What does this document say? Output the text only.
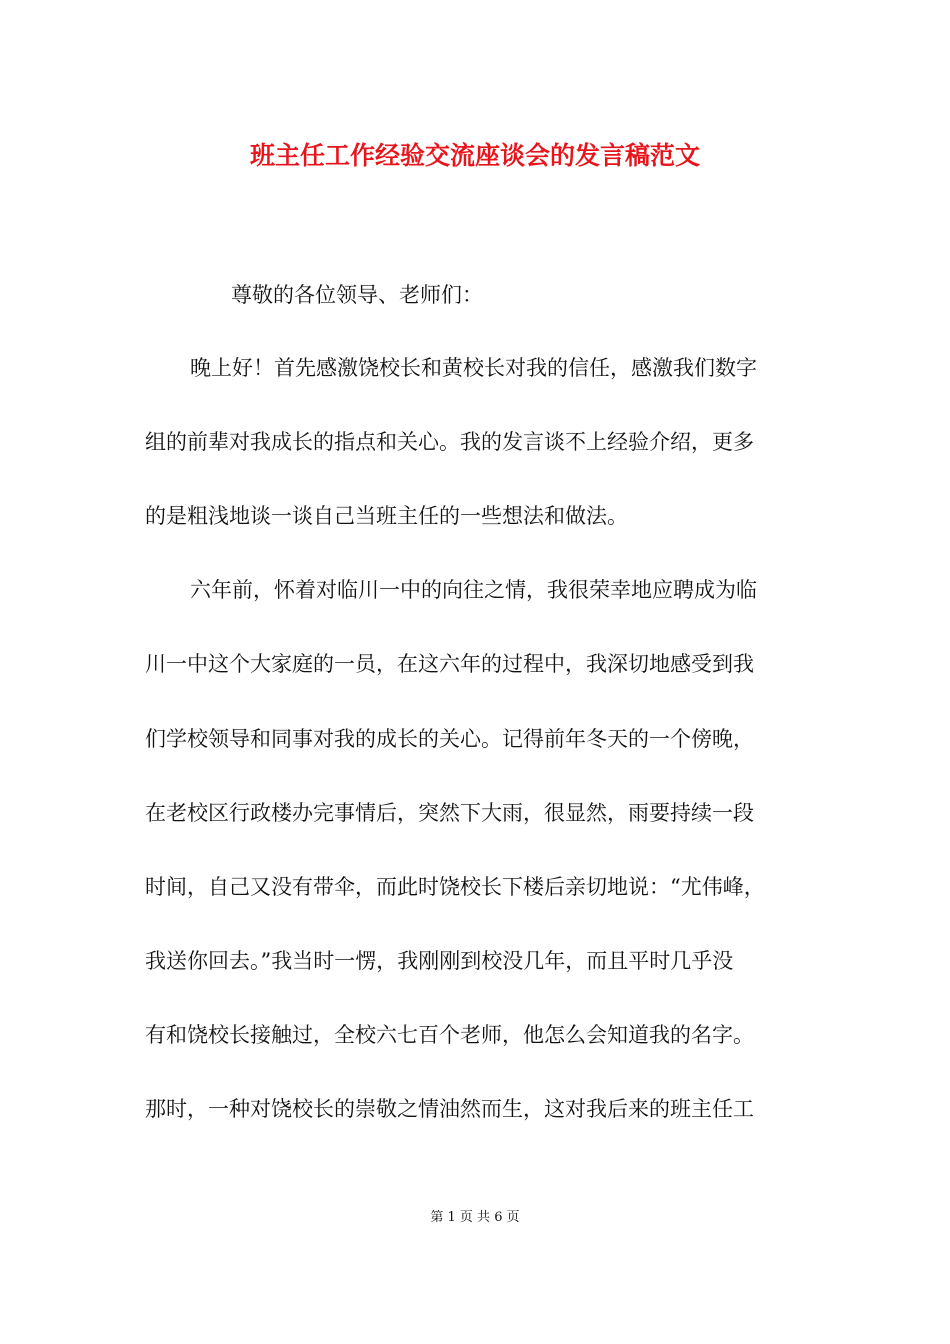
班主任工作经验交流座谈会的发言稿范文

尊敬的各位领导、老师们：

晚上好！首先感激饶校长和黄校长对我的信任，感激我们数字

组的前辈对我成长的指点和关心。我的发言谈不上经验介绍，更多

的是粗浅地谈一谈自己当班主任的一些想法和做法。

六年前，怀着对临川一中的向往之情，我很荣幸地应聘成为临

川一中这个大家庭的一员，在这六年的过程中，我深切地感受到我

们学校领导和同事对我的成长的关心。记得前年冬天的一个傍晚，

在老校区行政楼办完事情后，突然下大雨，很显然，雨要持续一段

时间，自己又没有带伞，而此时饶校长下楼后亲切地说：“尤伟峰，

我送你回去。”我当时一愣，我刚刚到校没几年，而且平时几乎没

有和饶校长接触过，全校六七百个老师，他怎么会知道我的名字。

那时，一种对饶校长的崇敬之情油然而生，这对我后来的班主任工

第 1 页 共 6 页
